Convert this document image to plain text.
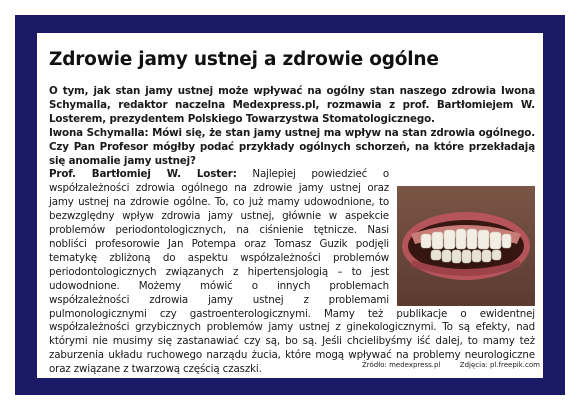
Zdrowie jamy ustnej a zdrowie ogólne

O tym, jak stan jamy ustnej może wpływać na ogólny stan naszego zdrowia Iwona Schymalla, redaktor naczelna Medexpress.pl, rozmawia z prof. Bartłomiejem W. Losterem, prezydentem Polskiego Towarzystwa Stomatologicznego.

Iwona Schymalla: Mówi się, że stan jamy ustnej ma wpływ na stan zdrowia ogólnego. Czy Pan Profesor mógłby podać przykłady ogólnych schorzeń, na które przekładają się anomalie jamy ustnej?

Prof. Bartłomiej W. Loster: Najlepiej powiedzieć o współzależności zdrowia ogólnego na zdrowie jamy ustnej oraz jamy ustnej na zdrowie ogólne. To, co już mamy udowodnione, to bezwzględny wpływ zdrowia jamy ustnej, głównie w aspekcie problemów periodontologicznych, na ciśnienie tętnicze. Nasi nobliści profesorowie Jan Potempa oraz Tomasz Guzik podjęli tematykę zbliżoną do aspektu współzależności problemów periodontologicznych związanych z hipertensjologią – to jest udowodnione. Możemy mówić o innych problemach współzależności zdrowia jamy ustnej z problemami pulmonologicznymi czy gastroenterologicznymi. Mamy też publikacje o ewidentnej współzależności grzybicznych problemów jamy ustnej z ginekologicznymi. To są efekty, nad którymi nie musimy się zastanawiać czy są, bo są. Jeśli chcielibyśmy iść dalej, to mamy też zaburzenia układu ruchowego narządu żucia, które mogą wpływać na problemy neurologiczne oraz związane z twarzową częścią czaszki.	Źródło: medexpress.pl	Zdjęcia: pl.freepik.com
